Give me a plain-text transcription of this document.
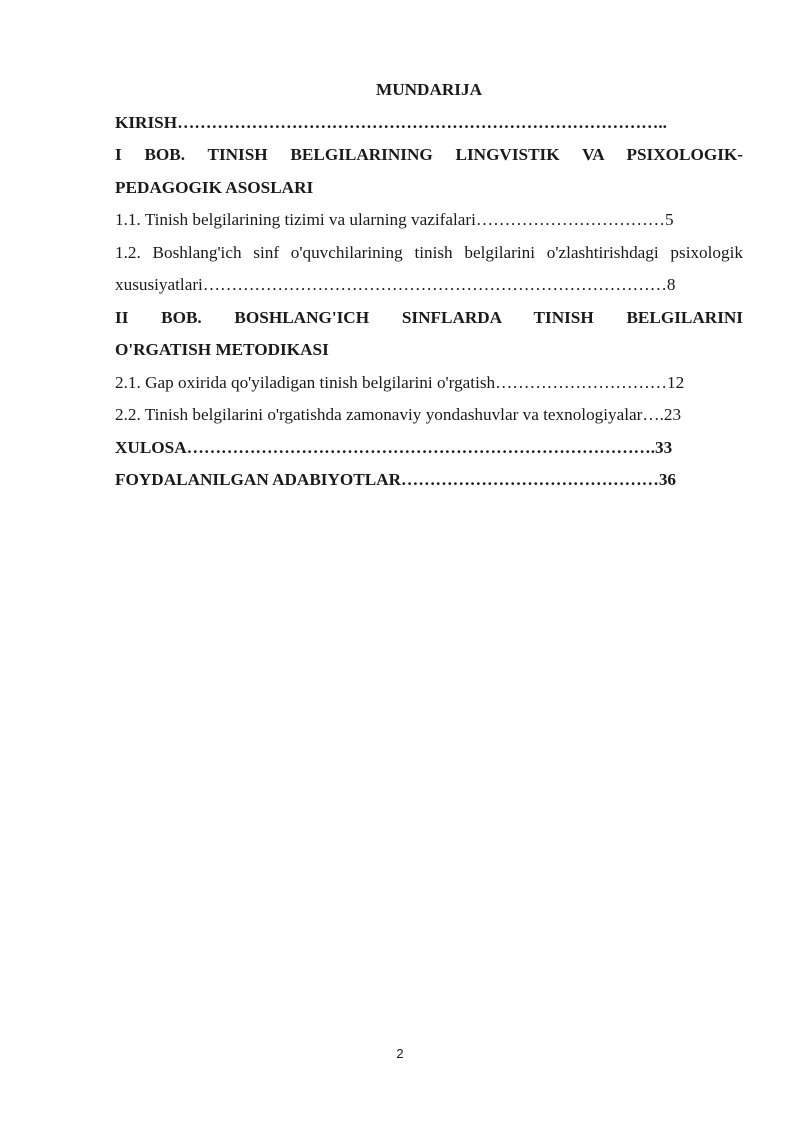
MUNDARIJA
KIRISH…………………………………………………………………………..
I BOB. TINISH BELGILARINING LINGVISTIK VA PSIXOLOGIK-
PEDAGOGIK ASOSLARI
1.1. Tinish belgilarining tizimi va ularning vazifalari……………………………5
1.2. Boshlang'ich sinf o'quvchilarining tinish belgilarini o'zlashtirishdagi psixologik
xususiyatlari………………………………………………………………………8
II BOB. BOSHLANG'ICH SINFLARDA TINISH BELGILARINI
O'RGATISH METODIKASI
2.1. Gap oxirida qo'yiladigan tinish belgilarini o'rgatish…………………………12
2.2. Tinish belgilarini o'rgatishda zamonaviy yondashuvlar va texnologiyalar….23
XULOSA……………………………………………………………………….33
FOYDALANILGAN ADABIYOTLAR………………………………………36
2
